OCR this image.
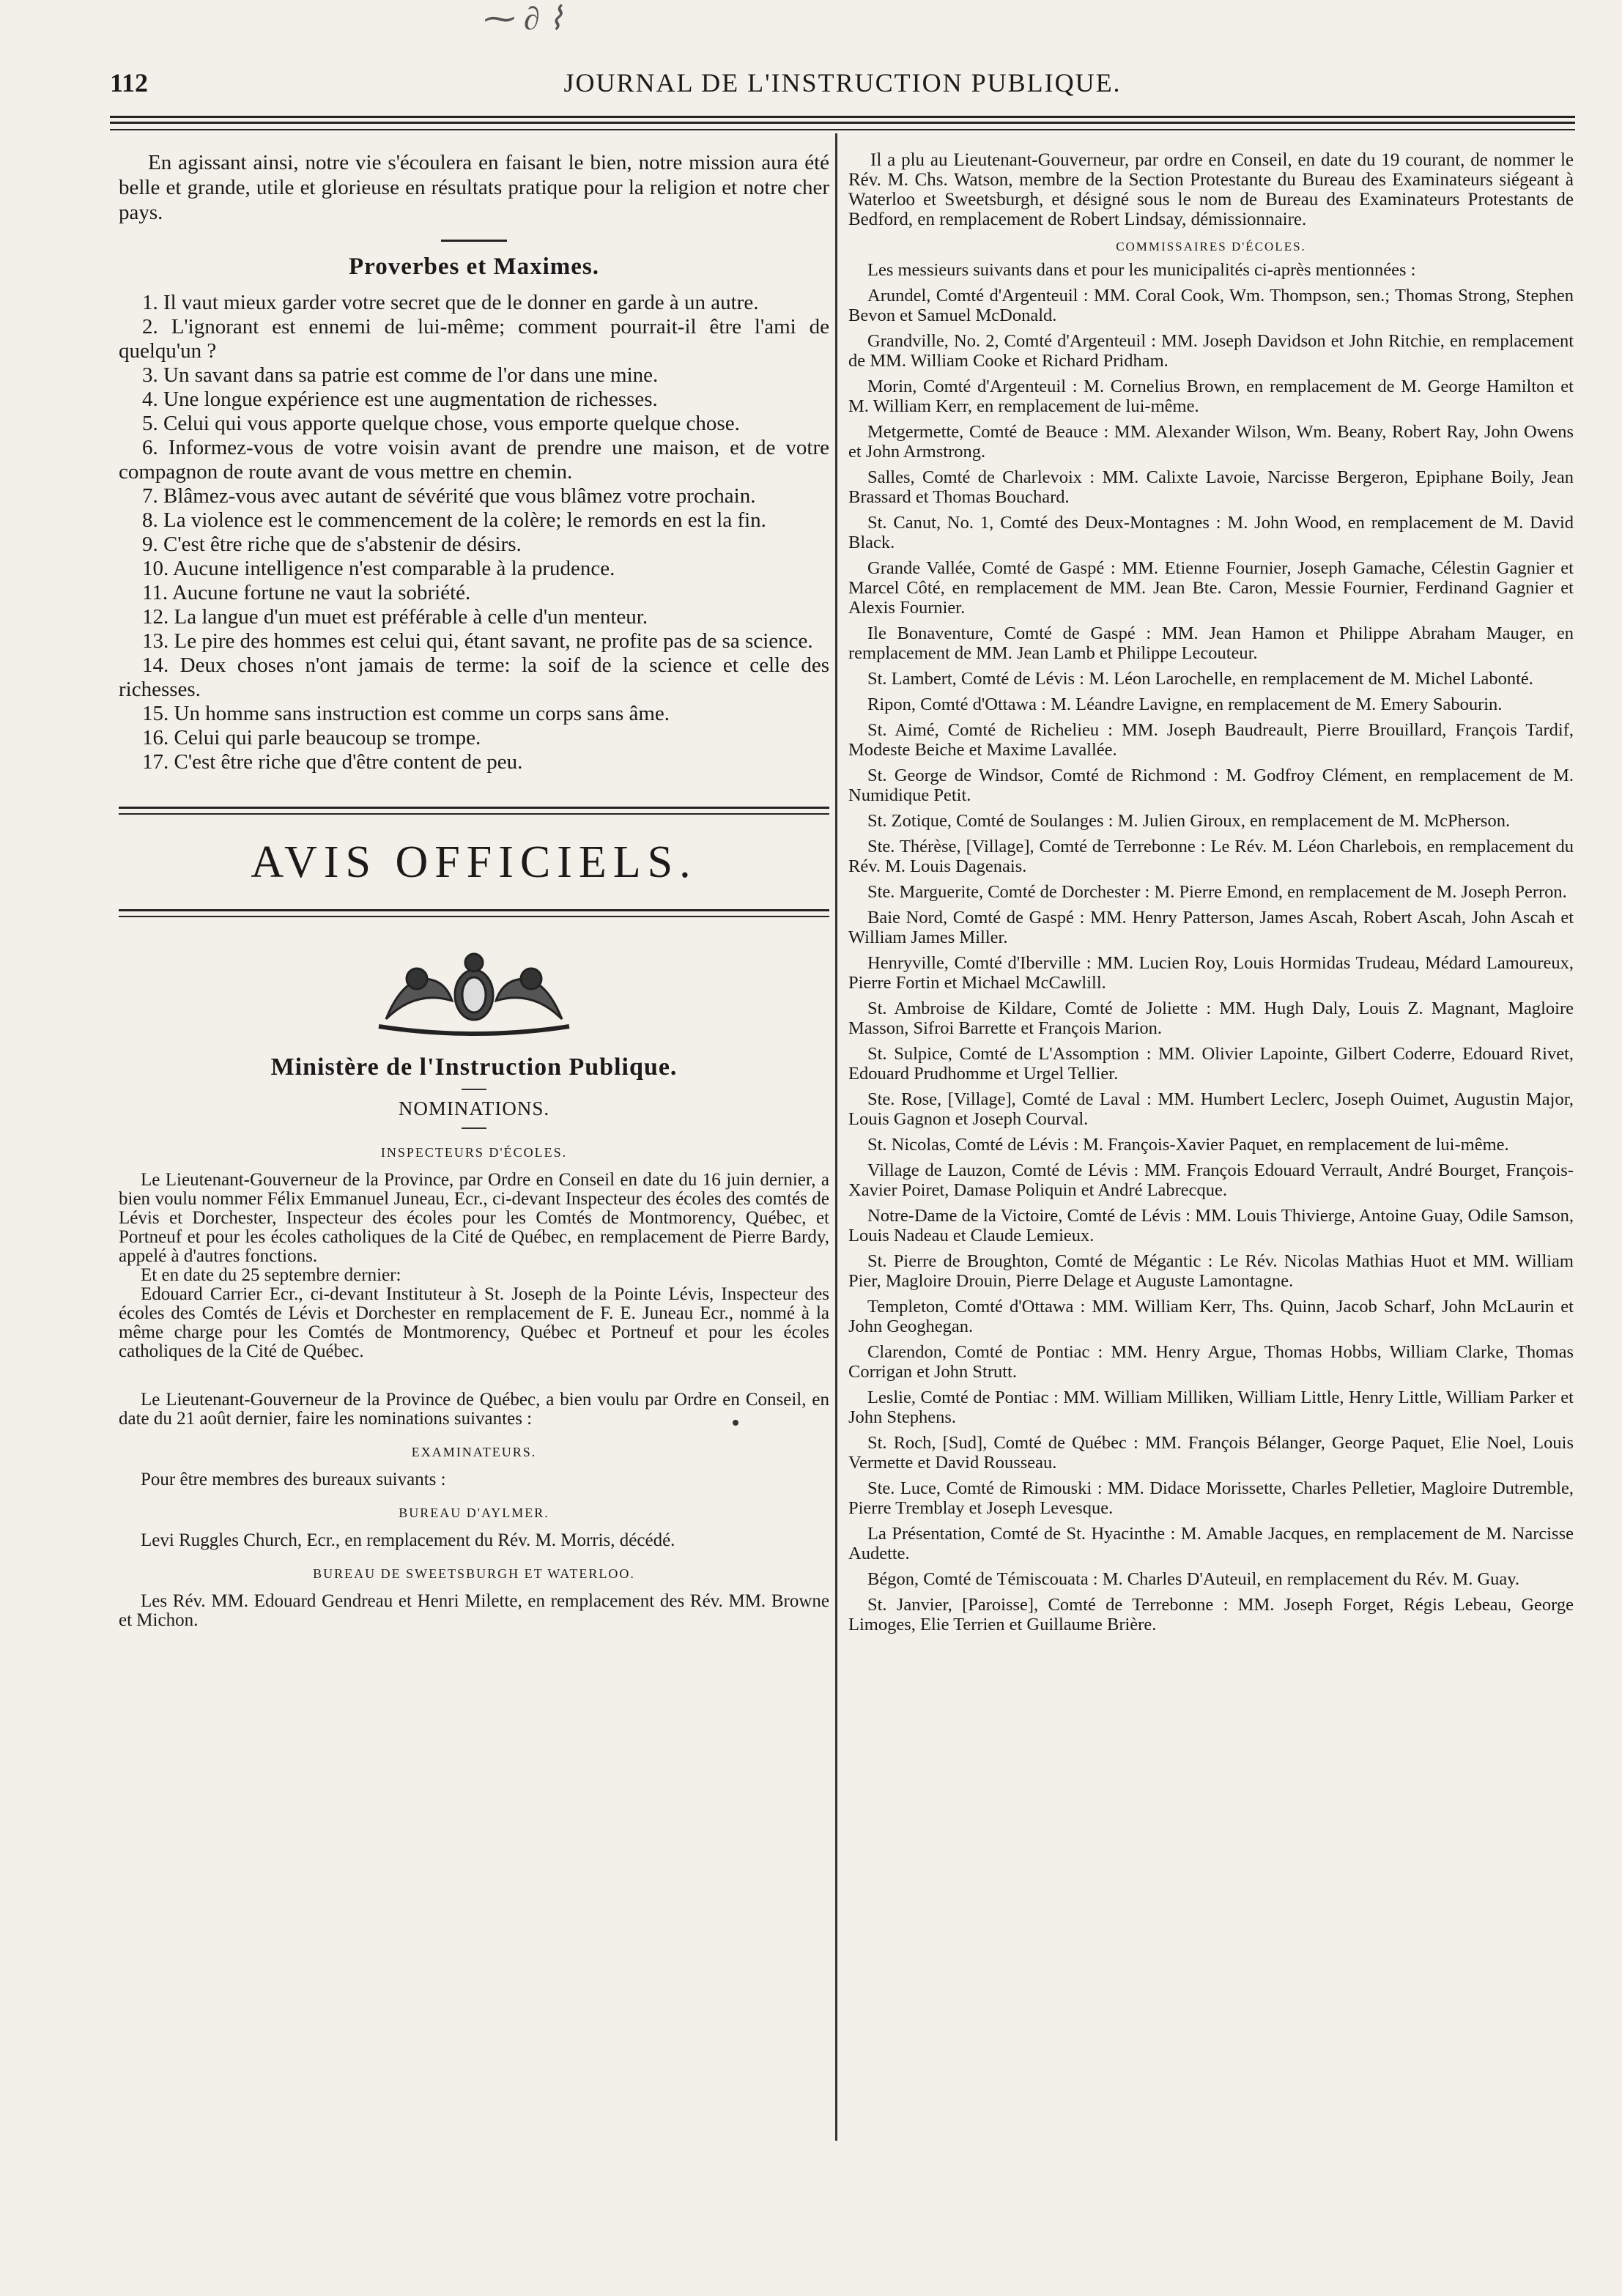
⁓ ∂ ⌇
112	JOURNAL DE L'INSTRUCTION PUBLIQUE.

En agissant ainsi, notre vie s'écoulera en faisant le bien, notre mission aura été belle et grande, utile et glorieuse en résultats pratique pour la religion et notre cher pays.

Proverbes et Maximes.
1. Il vaut mieux garder votre secret que de le donner en garde à un autre.
2. L'ignorant est ennemi de lui-même; comment pourrait-il être l'ami de quelqu'un ?
3. Un savant dans sa patrie est comme de l'or dans une mine.
4. Une longue expérience est une augmentation de richesses.
5. Celui qui vous apporte quelque chose, vous emporte quelque chose.
6. Informez-vous de votre voisin avant de prendre une maison, et de votre compagnon de route avant de vous mettre en chemin.
7. Blâmez-vous avec autant de sévérité que vous blâmez votre prochain.
8. La violence est le commencement de la colère; le remords en est la fin.
9. C'est être riche que de s'abstenir de désirs.
10. Aucune intelligence n'est comparable à la prudence.
11. Aucune fortune ne vaut la sobriété.
12. La langue d'un muet est préférable à celle d'un menteur.
13. Le pire des hommes est celui qui, étant savant, ne profite pas de sa science.
14. Deux choses n'ont jamais de terme: la soif de la science et celle des richesses.
15. Un homme sans instruction est comme un corps sans âme.
16. Celui qui parle beaucoup se trompe.
17. C'est être riche que d'être content de peu.
AVIS OFFICIELS.
Ministère de l'Instruction Publique.
NOMINATIONS.
INSPECTEURS D'ÉCOLES.

Le Lieutenant-Gouverneur de la Province, par Ordre en Conseil en date du 16 juin dernier, a bien voulu nommer Félix Emmanuel Juneau, Ecr., ci-devant Inspecteur des écoles des comtés de Lévis et Dorchester, Inspecteur des écoles pour les Comtés de Montmorency, Québec, et Portneuf et pour les écoles catholiques de la Cité de Québec, en remplacement de Pierre Bardy, appelé à d'autres fonctions.

Et en date du 25 septembre dernier:

Edouard Carrier Ecr., ci-devant Instituteur à St. Joseph de la Pointe Lévis, Inspecteur des écoles des Comtés de Lévis et Dorchester en remplacement de F. E. Juneau Ecr., nommé à la même charge pour les Comtés de Montmorency, Québec et Portneuf et pour les écoles catholiques de la Cité de Québec.

Le Lieutenant-Gouverneur de la Province de Québec, a bien voulu par Ordre en Conseil, en date du 21 août dernier, faire les nominations suivantes :

EXAMINATEURS.

Pour être membres des bureaux suivants :

BUREAU D'AYLMER.

Levi Ruggles Church, Ecr., en remplacement du Rév. M. Morris, décédé.

BUREAU DE SWEETSBURGH ET WATERLOO.

Les Rév. MM. Edouard Gendreau et Henri Milette, en remplacement des Rév. MM. Browne et Michon.

Il a plu au Lieutenant-Gouverneur, par ordre en Conseil, en date du 19 courant, de nommer le Rév. M. Chs. Watson, membre de la Section Protestante du Bureau des Examinateurs siégeant à Waterloo et Sweetsburgh, et désigné sous le nom de Bureau des Examinateurs Protestants de Bedford, en remplacement de Robert Lindsay, démissionnaire.

COMMISSAIRES D'ÉCOLES.

Les messieurs suivants dans et pour les municipalités ci-après mentionnées :

Arundel, Comté d'Argenteuil : MM. Coral Cook, Wm. Thompson, sen.; Thomas Strong, Stephen Bevon et Samuel McDonald.

Grandville, No. 2, Comté d'Argenteuil : MM. Joseph Davidson et John Ritchie, en remplacement de MM. William Cooke et Richard Pridham.

Morin, Comté d'Argenteuil : M. Cornelius Brown, en remplacement de M. George Hamilton et M. William Kerr, en remplacement de lui-même.

Metgermette, Comté de Beauce : MM. Alexander Wilson, Wm. Beany, Robert Ray, John Owens et John Armstrong.

Salles, Comté de Charlevoix : MM. Calixte Lavoie, Narcisse Bergeron, Epiphane Boily, Jean Brassard et Thomas Bouchard.

St. Canut, No. 1, Comté des Deux-Montagnes : M. John Wood, en remplacement de M. David Black.

Grande Vallée, Comté de Gaspé : MM. Etienne Fournier, Joseph Gamache, Célestin Gagnier et Marcel Côté, en remplacement de MM. Jean Bte. Caron, Messie Fournier, Ferdinand Gagnier et Alexis Fournier.

Ile Bonaventure, Comté de Gaspé : MM. Jean Hamon et Philippe Abraham Mauger, en remplacement de MM. Jean Lamb et Philippe Lecouteur.

St. Lambert, Comté de Lévis : M. Léon Larochelle, en remplacement de M. Michel Labonté.

Ripon, Comté d'Ottawa : M. Léandre Lavigne, en remplacement de M. Emery Sabourin.

St. Aimé, Comté de Richelieu : MM. Joseph Baudreault, Pierre Brouillard, François Tardif, Modeste Beiche et Maxime Lavallée.

St. George de Windsor, Comté de Richmond : M. Godfroy Clément, en remplacement de M. Numidique Petit.

St. Zotique, Comté de Soulanges : M. Julien Giroux, en remplacement de M. McPherson.

Ste. Thérèse, [Village], Comté de Terrebonne : Le Rév. M. Léon Charlebois, en remplacement du Rév. M. Louis Dagenais.

Ste. Marguerite, Comté de Dorchester : M. Pierre Emond, en remplacement de M. Joseph Perron.

Baie Nord, Comté de Gaspé : MM. Henry Patterson, James Ascah, Robert Ascah, John Ascah et William James Miller.

Henryville, Comté d'Iberville : MM. Lucien Roy, Louis Hormidas Trudeau, Médard Lamoureux, Pierre Fortin et Michael McCawlill.

St. Ambroise de Kildare, Comté de Joliette : MM. Hugh Daly, Louis Z. Magnant, Magloire Masson, Sifroi Barrette et François Marion.

St. Sulpice, Comté de L'Assomption : MM. Olivier Lapointe, Gilbert Coderre, Edouard Rivet, Edouard Prudhomme et Urgel Tellier.

Ste. Rose, [Village], Comté de Laval : MM. Humbert Leclerc, Joseph Ouimet, Augustin Major, Louis Gagnon et Joseph Courval.

St. Nicolas, Comté de Lévis : M. François-Xavier Paquet, en remplacement de lui-même.

Village de Lauzon, Comté de Lévis : MM. François Edouard Verrault, André Bourget, François-Xavier Poiret, Damase Poliquin et André Labrecque.

Notre-Dame de la Victoire, Comté de Lévis : MM. Louis Thivierge, Antoine Guay, Odile Samson, Louis Nadeau et Claude Lemieux.

St. Pierre de Broughton, Comté de Mégantic : Le Rév. Nicolas Mathias Huot et MM. William Pier, Magloire Drouin, Pierre Delage et Auguste Lamontagne.

Templeton, Comté d'Ottawa : MM. William Kerr, Ths. Quinn, Jacob Scharf, John McLaurin et John Geoghegan.

Clarendon, Comté de Pontiac : MM. Henry Argue, Thomas Hobbs, William Clarke, Thomas Corrigan et John Strutt.

Leslie, Comté de Pontiac : MM. William Milliken, William Little, Henry Little, William Parker et John Stephens.

St. Roch, [Sud], Comté de Québec : MM. François Bélanger, George Paquet, Elie Noel, Louis Vermette et David Rousseau.

Ste. Luce, Comté de Rimouski : MM. Didace Morissette, Charles Pelletier, Magloire Dutremble, Pierre Tremblay et Joseph Levesque.

La Présentation, Comté de St. Hyacinthe : M. Amable Jacques, en remplacement de M. Narcisse Audette.

Bégon, Comté de Témiscouata : M. Charles D'Auteuil, en remplacement du Rév. M. Guay.

St. Janvier, [Paroisse], Comté de Terrebonne : MM. Joseph Forget, Régis Lebeau, George Limoges, Elie Terrien et Guillaume Brière.
